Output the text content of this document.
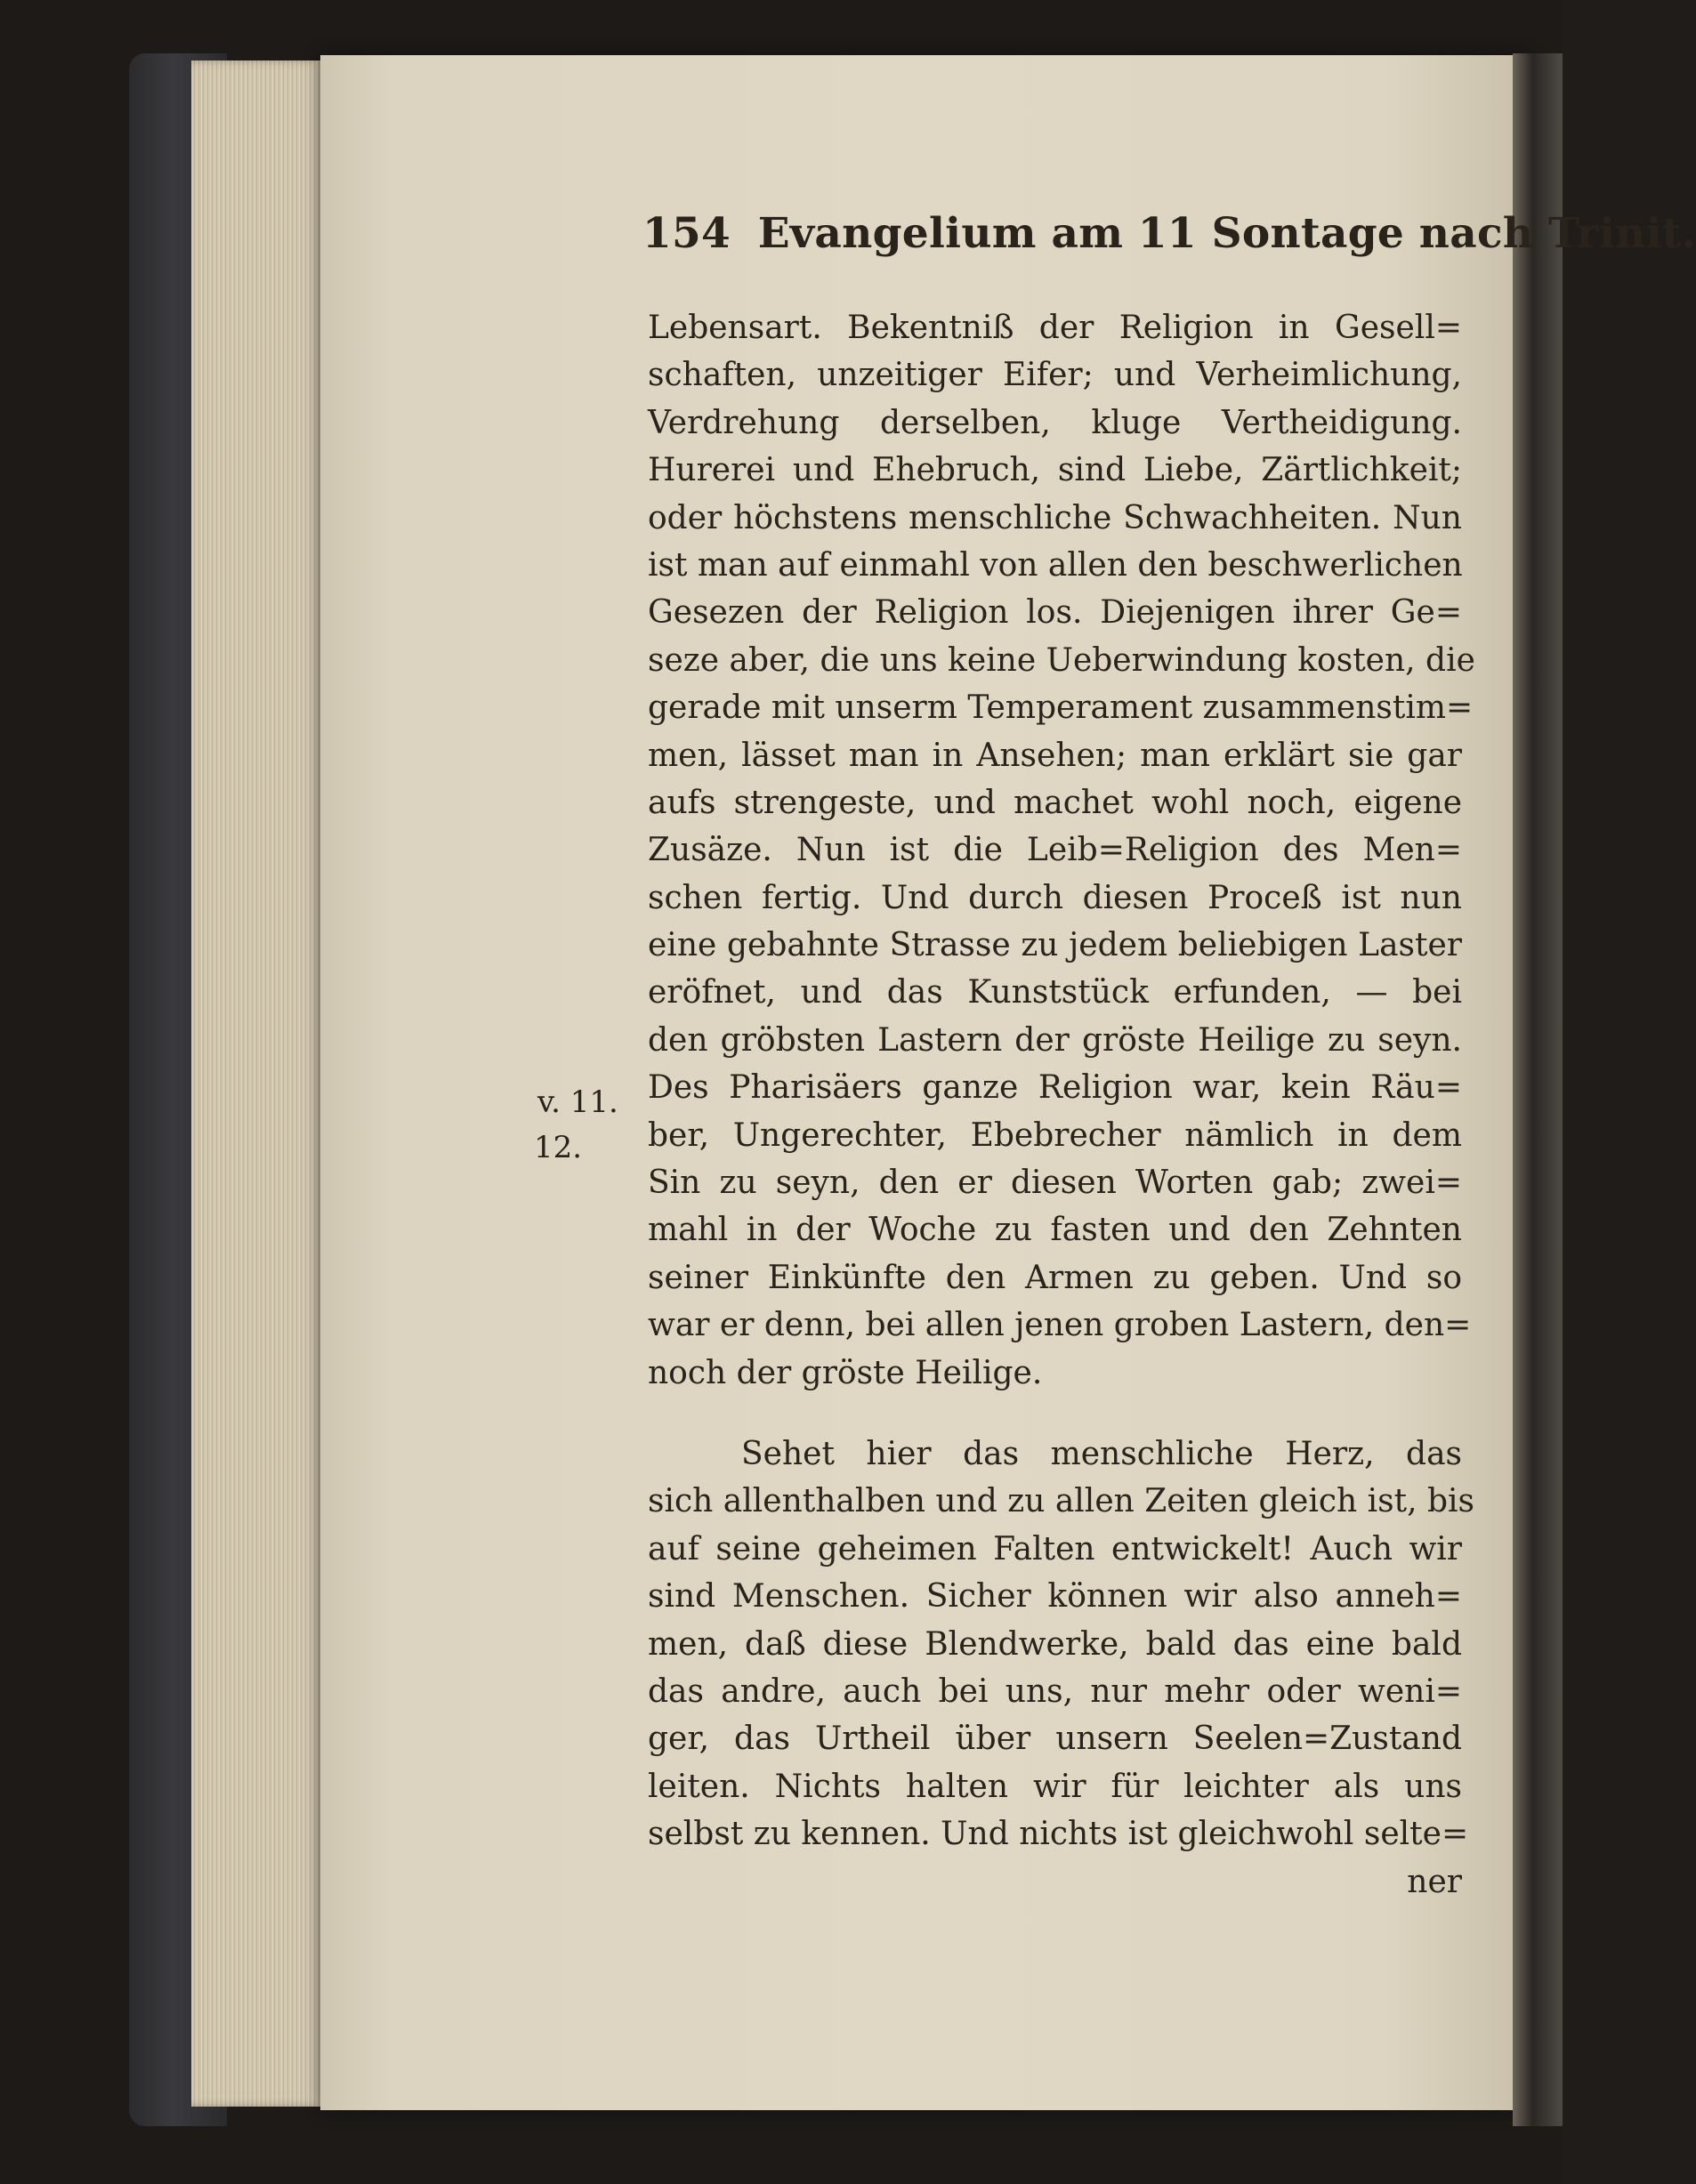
154 Evangelium am 11 Sontage nach Trinit.
v. 11.
12.
Lebensart. Bekentniß der Religion in Gesell=
schaften, unzeitiger Eifer; und Verheimlichung,
Verdrehung derselben, kluge Vertheidigung.
Hurerei und Ehebruch, sind Liebe, Zärtlichkeit;
oder höchstens menschliche Schwachheiten. Nun
ist man auf einmahl von allen den beschwerlichen
Gesezen der Religion los. Diejenigen ihrer Ge=
seze aber, die uns keine Ueberwindung kosten, die
gerade mit unserm Temperament zusammenstim=
men, lässet man in Ansehen; man erklärt sie gar
aufs strengeste, und machet wohl noch, eigene
Zusäze. Nun ist die Leib=Religion des Men=
schen fertig. Und durch diesen Proceß ist nun
eine gebahnte Strasse zu jedem beliebigen Laster
eröfnet, und das Kunststück erfunden, — bei
den gröbsten Lastern der gröste Heilige zu seyn.
Des Pharisäers ganze Religion war, kein Räu=
ber, Ungerechter, Ebebrecher nämlich in dem
Sin zu seyn, den er diesen Worten gab; zwei=
mahl in der Woche zu fasten und den Zehnten
seiner Einkünfte den Armen zu geben. Und so
war er denn, bei allen jenen groben Lastern, den=
noch der gröste Heilige.
Sehet hier das menschliche Herz, das
sich allenthalben und zu allen Zeiten gleich ist, bis
auf seine geheimen Falten entwickelt! Auch wir
sind Menschen. Sicher können wir also anneh=
men, daß diese Blendwerke, bald das eine bald
das andre, auch bei uns, nur mehr oder weni=
ger, das Urtheil über unsern Seelen=Zustand
leiten. Nichts halten wir für leichter als uns
selbst zu kennen. Und nichts ist gleichwohl selte=
ner
